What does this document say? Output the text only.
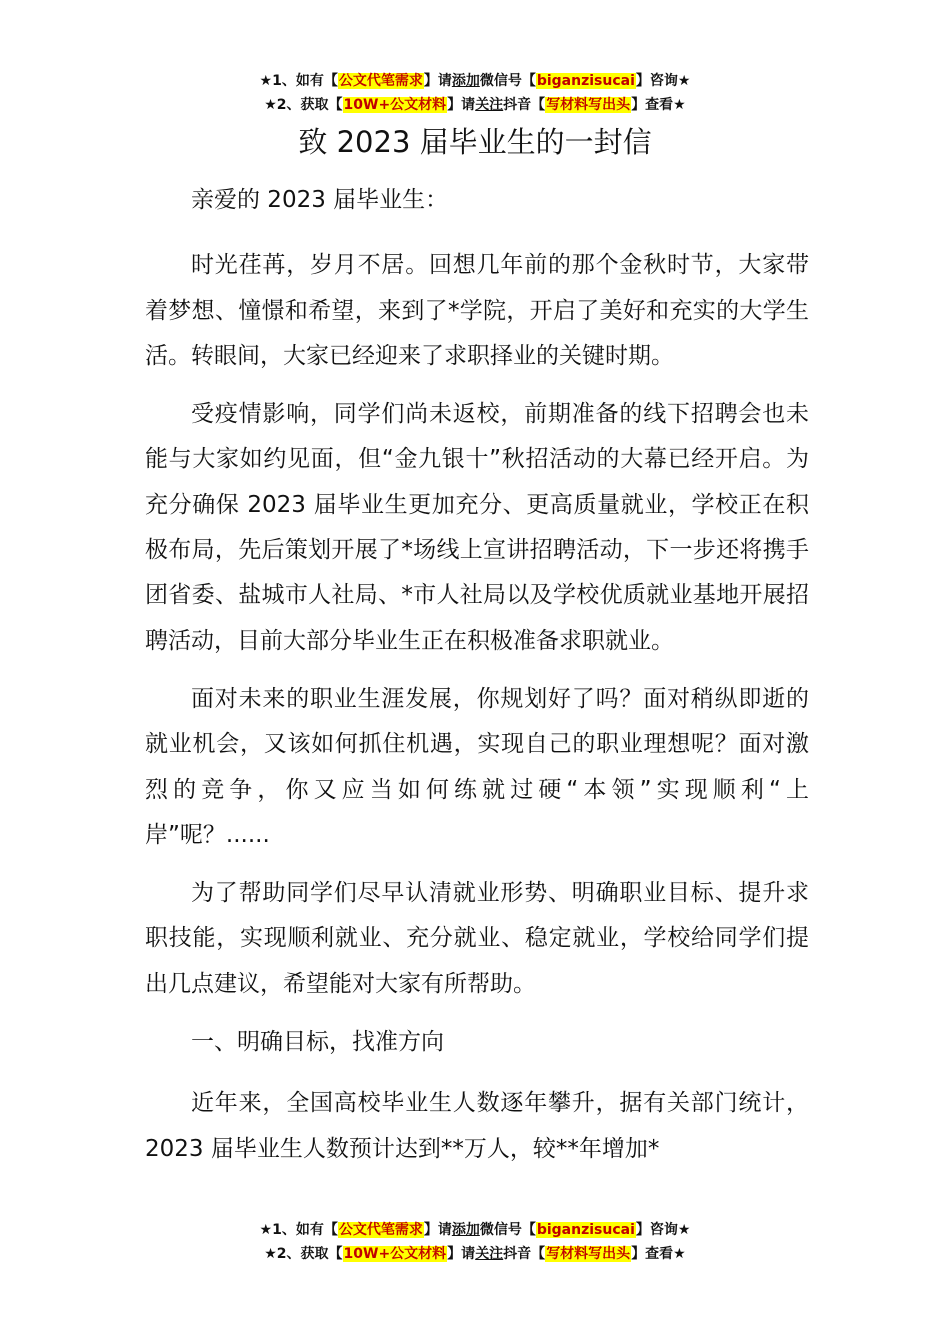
★1、如有【公文代笔需求】请添加微信号【biganzisucai】咨询★
★2、获取【10W+公文材料】请关注抖音【写材料写出头】查看★
致 2023 届毕业生的一封信

亲爱的 2023 届毕业生：

时光荏苒，岁月不居。回想几年前的那个金秋时节，大家带着梦想、憧憬和希望，来到了*学院，开启了美好和充实的大学生活。转眼间，大家已经迎来了求职择业的关键时期。

受疫情影响，同学们尚未返校，前期准备的线下招聘会也未能与大家如约见面，但“金九银十”秋招活动的大幕已经开启。为充分确保 2023 届毕业生更加充分、更高质量就业，学校正在积极布局，先后策划开展了*场线上宣讲招聘活动，下一步还将携手团省委、盐城市人社局、*市人社局以及学校优质就业基地开展招聘活动，目前大部分毕业生正在积极准备求职就业。

面对未来的职业生涯发展，你规划好了吗？面对稍纵即逝的就业机会，又该如何抓住机遇，实现自己的职业理想呢？面对激烈的竞争，你又应当如何练就过硬“本领”实现顺利“上岸”呢？......

为了帮助同学们尽早认清就业形势、明确职业目标、提升求职技能，实现顺利就业、充分就业、稳定就业，学校给同学们提出几点建议，希望能对大家有所帮助。

一、明确目标，找准方向

近年来，全国高校毕业生人数逐年攀升，据有关部门统计，2023 届毕业生人数预计达到**万人，较**年增加*

★1、如有【公文代笔需求】请添加微信号【biganzisucai】咨询★
★2、获取【10W+公文材料】请关注抖音【写材料写出头】查看★
